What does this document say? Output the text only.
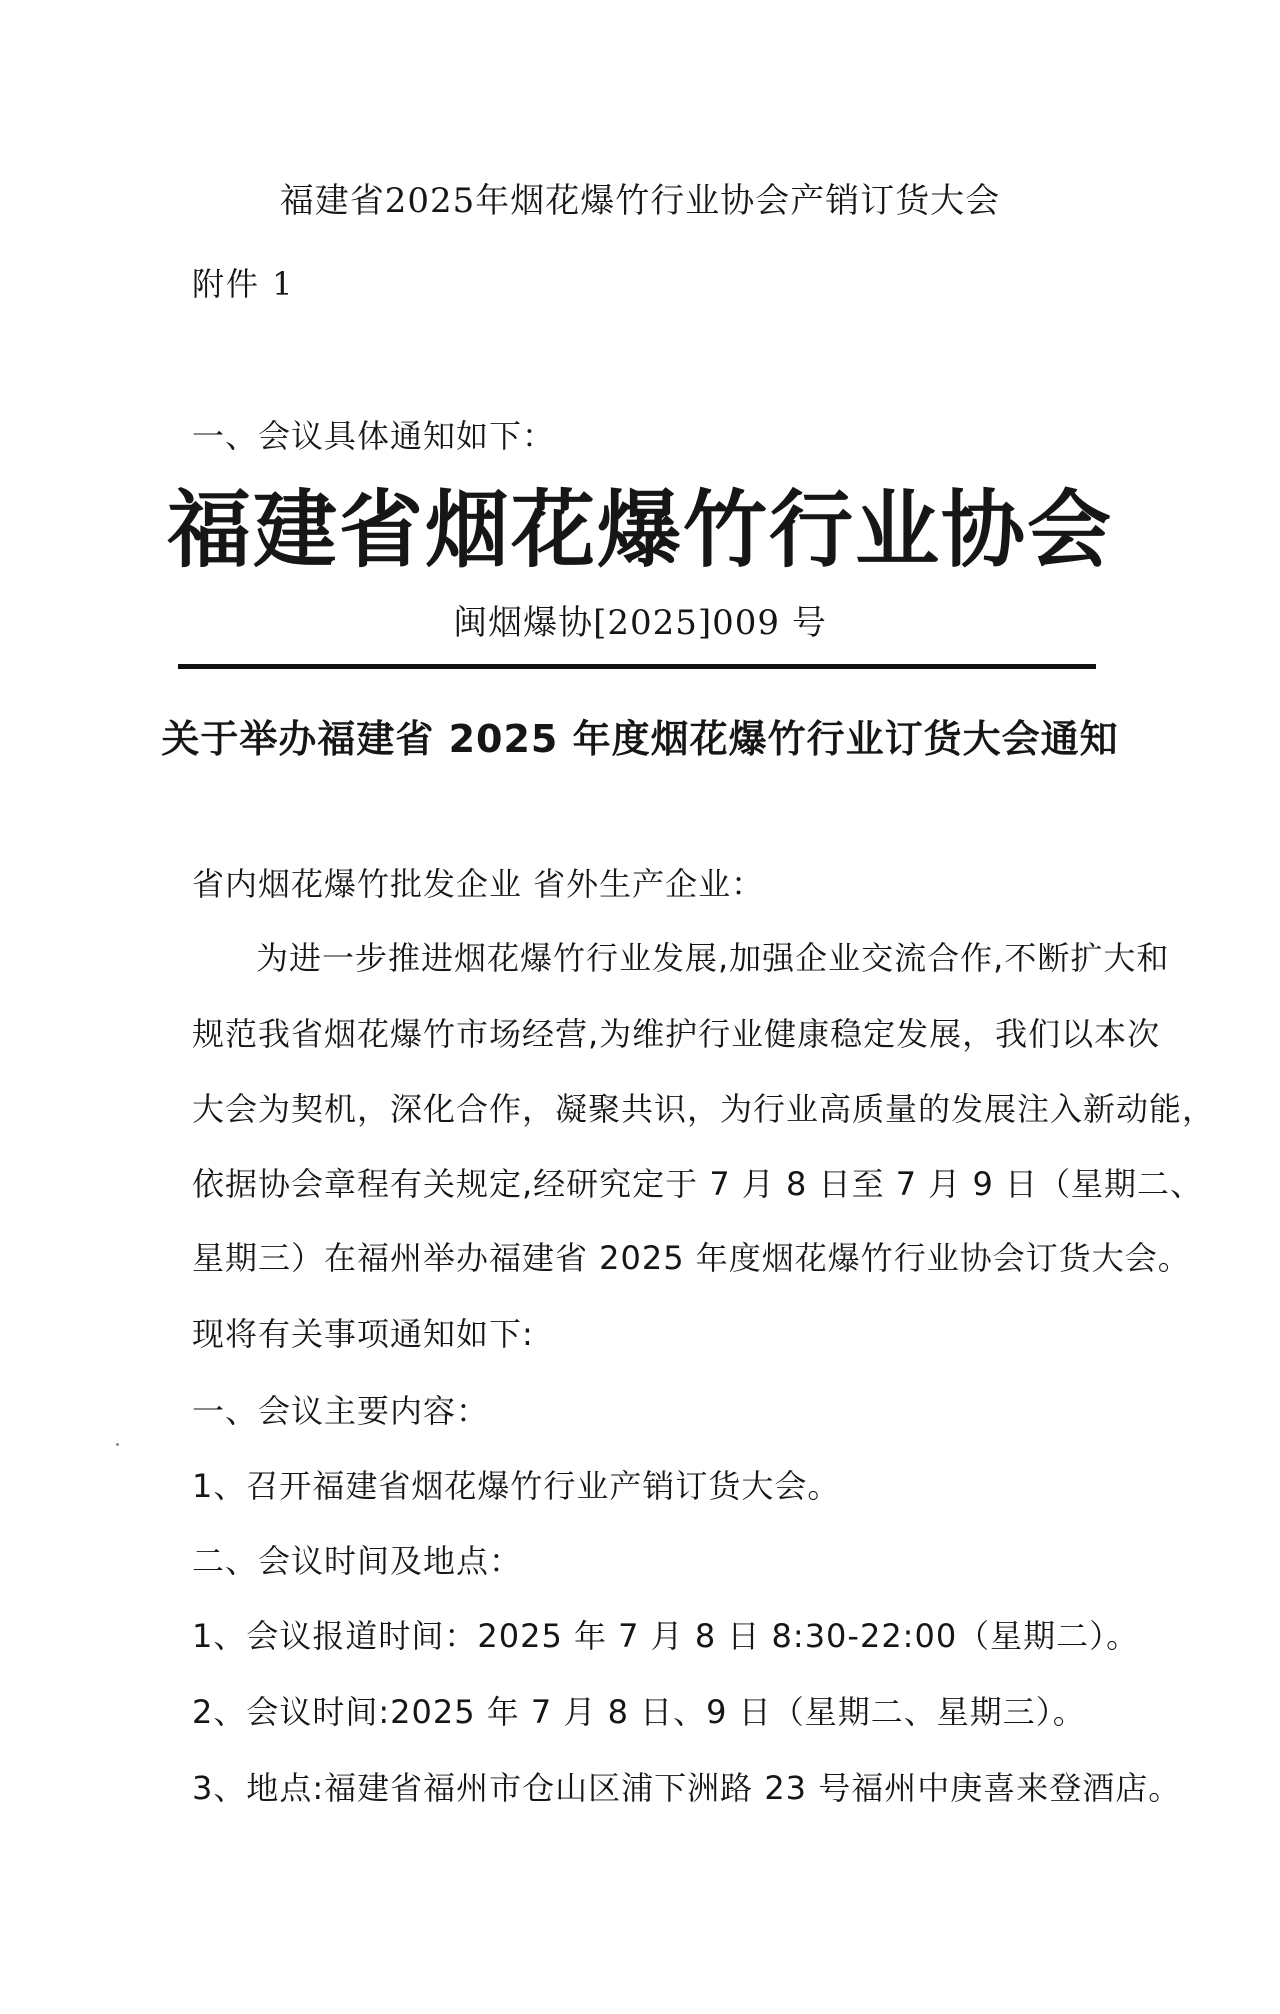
福建省2025年烟花爆竹行业协会产销订货大会

附件 1

一、会议具体通知如下：

福建省烟花爆竹行业协会

闽烟爆协[2025]009 号

关于举办福建省 2025 年度烟花爆竹行业订货大会通知

省内烟花爆竹批发企业 省外生产企业：

为进一步推进烟花爆竹行业发展,加强企业交流合作,不断扩大和

规范我省烟花爆竹市场经营,为维护行业健康稳定发展，我们以本次

大会为契机，深化合作，凝聚共识，为行业高质量的发展注入新动能，

依据协会章程有关规定,经研究定于 7 月 8 日至 7 月 9 日（星期二、

星期三）在福州举办福建省 2025 年度烟花爆竹行业协会订货大会。

现将有关事项通知如下:

一、会议主要内容：

1、召开福建省烟花爆竹行业产销订货大会。

二、会议时间及地点：

1、会议报道时间：2025 年 7 月 8 日 8:30-22:00（星期二）。

2、会议时间:2025 年 7 月 8 日、9 日（星期二、星期三）。

3、地点:福建省福州市仓山区浦下洲路 23 号福州中庚喜来登酒店。
